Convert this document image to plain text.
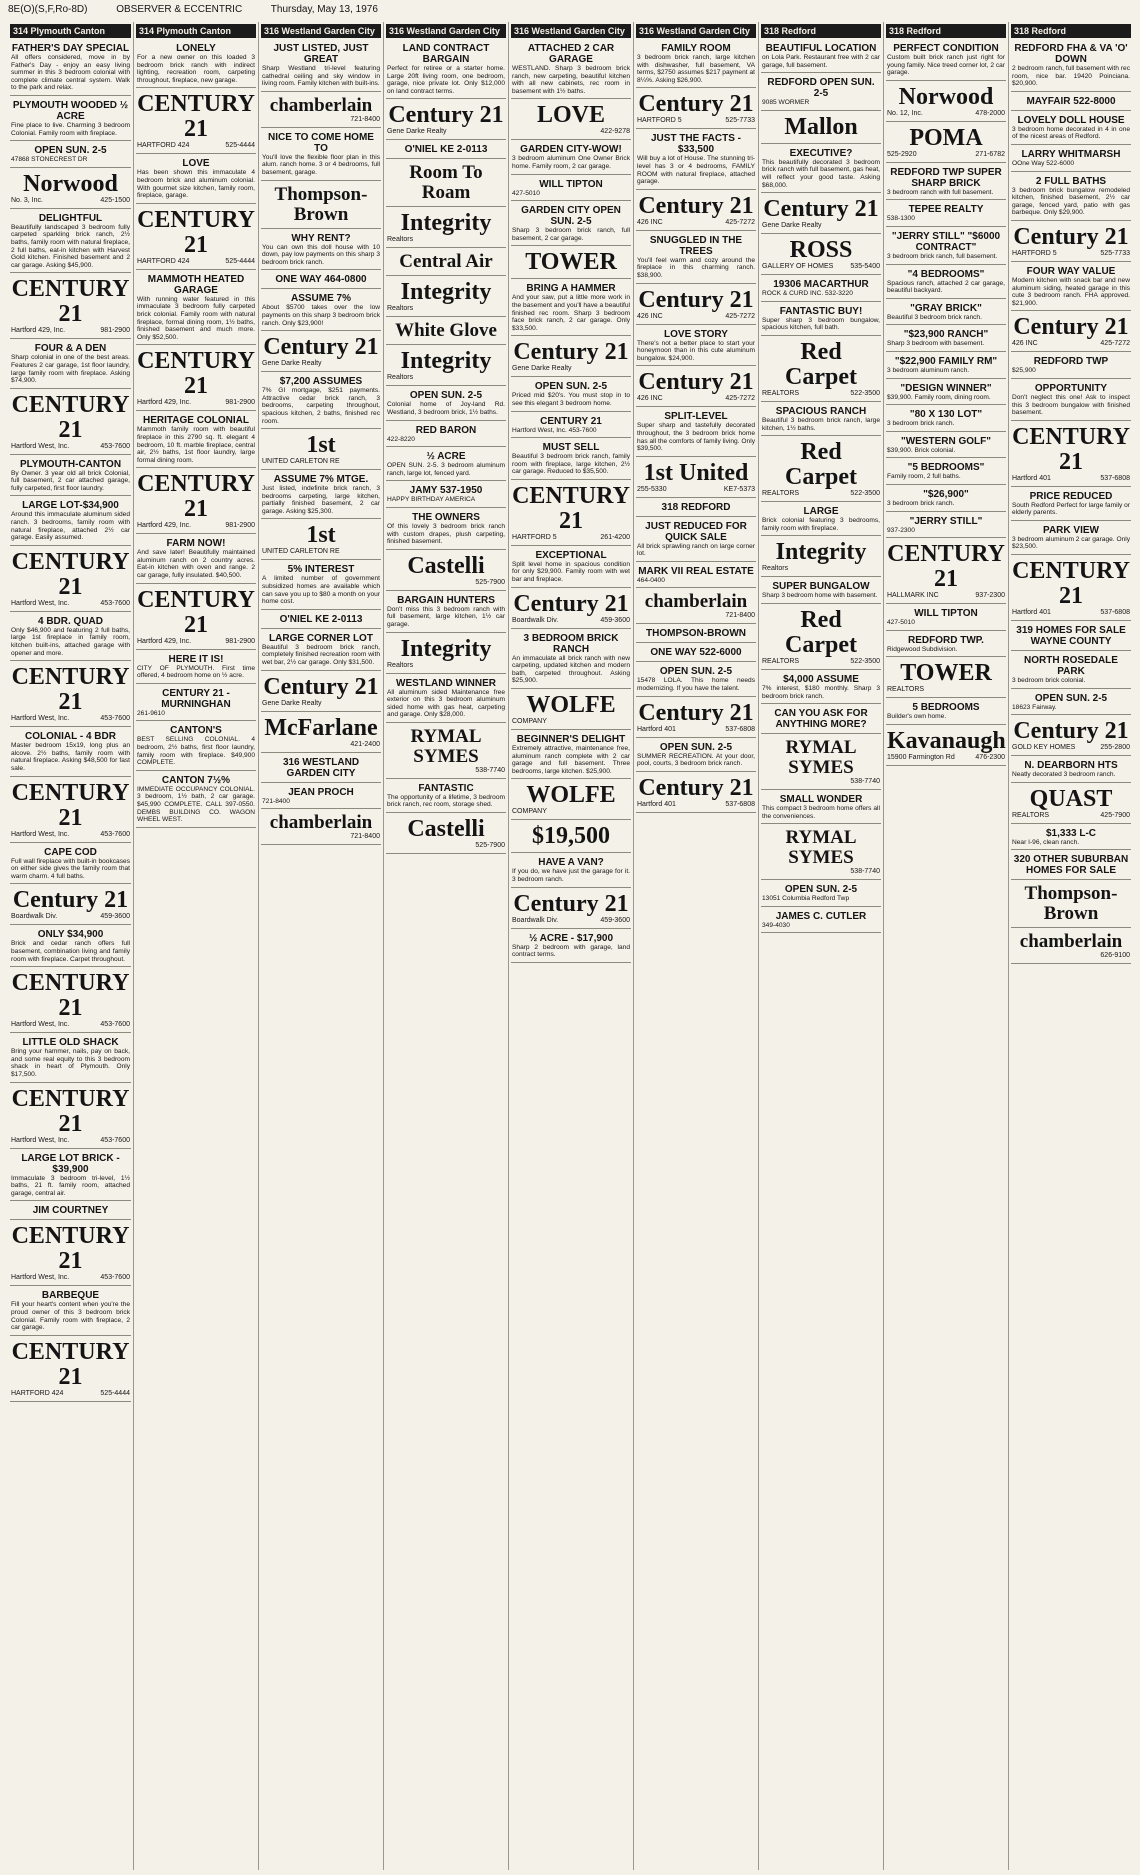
8E(O)(S,F,Ro-8D)	OBSERVER & ECCENTRIC	Thursday, May 13, 1976
314 Plymouth Canton
FATHER'S DAY SPECIAL
All offers considered, move in by Father's Day - enjoy an easy living summer in this 3 bedroom colonial with complete climate central system. Walk to the park and relax.
PLYMOUTH WOODED ½ ACRE
Fine place to live. Charming 3 bedroom Colonial. Family room with fireplace.
OPEN SUN. 2-5
47868 STONECREST DR
Norwood
No. 3, Inc.	425-1500
DELIGHTFUL
Beautifully landscaped 3 bedroom fully carpeted sparkling brick ranch, 2½ baths, family room with natural fireplace, 2 full baths, eat-in kitchen with Harvest Gold kitchen. Finished basement and 2 car garage. Asking $45,900.
CENTURY 21
Hartford 429, Inc.	981-2900
FOUR & A DEN
Sharp colonial in one of the best areas. Features 2 car garage, 1st floor laundry, large family room with fireplace. Asking $74,900.
CENTURY 21
Hartford West, Inc.	453-7600
PLYMOUTH-CANTON
By Owner. 3 year old all brick Colonial, full basement, 2 car attached garage, fully carpeted, first floor laundry.
LARGE LOT-$34,900
Around this immaculate aluminum sided ranch. 3 bedrooms, family room with natural fireplace, attached 2½ car garage. Easily assumed.
CENTURY 21
Hartford West, Inc.	453-7600
4 BDR. QUAD
Only $46,900 and featuring 2 full baths, large 1st fireplace in family room, kitchen built-ins, attached garage with opener and more.
CENTURY 21
Hartford West, Inc.	453-7600
COLONIAL - 4 BDR
Master bedroom 15x19, long plus an alcove. 2½ baths, family room with natural fireplace. Asking $48,500 for fast sale.
CENTURY 21
Hartford West, Inc.	453-7600
CAPE COD
Full wall fireplace with built-in bookcases on either side gives the family room that warm charm. 4 full baths.
Century 21
Boardwalk Div.	459-3600
ONLY $34,900
Brick and cedar ranch offers full basement, combination living and family room with fireplace. Carpet throughout.
CENTURY 21
Hartford West, Inc.	453-7600
LITTLE OLD SHACK
Bring your hammer, nails, pay on back, and some real equity to this 3 bedroom shack in heart of Plymouth. Only $17,500.
CENTURY 21
Hartford West, Inc.	453-7600
LARGE LOT BRICK - $39,900
Immaculate 3 bedroom tri-level, 1½ baths, 21 ft. family room, attached garage, central air.
JIM COURTNEY
CENTURY 21
Hartford West, Inc.	453-7600
BARBEQUE
Fill your heart's content when you're the proud owner of this 3 bedroom brick Colonial. Family room with fireplace, 2 car garage.
CENTURY 21
HARTFORD 424	525-4444
314 Plymouth Canton
LONELY
For a new owner on this loaded 3 bedroom brick ranch with indirect lighting, recreation room, carpeting throughout, fireplace, new garage.
CENTURY 21
HARTFORD 424	525-4444
LOVE
Has been shown this immaculate 4 bedroom brick and aluminum colonial. With gourmet size kitchen, family room, fireplace, garage.
CENTURY 21
HARTFORD 424	525-4444
MAMMOTH HEATED GARAGE
With running water featured in this immaculate 3 bedroom fully carpeted brick colonial. Family room with natural fireplace, formal dining room, 1½ baths, finished basement and much more. Only $52,500.
CENTURY 21
Hartford 429, Inc.	981-2900
HERITAGE COLONIAL
Mammoth family room with beautiful fireplace in this 2790 sq. ft. elegant 4 bedroom, 10 ft. marble fireplace, central air, 2½ baths, 1st floor laundry, large formal dining room.
CENTURY 21
Hartford 429, Inc.	981-2900
FARM NOW!
And save later! Beautifully maintained aluminum ranch on 2 country acres. Eat-in kitchen with oven and range. 2 car garage, fully insulated. $40,500.
CENTURY 21
Hartford 429, Inc.	981-2900
HERE IT IS!
CITY OF PLYMOUTH. First time offered, 4 bedroom home on ½ acre.
CENTURY 21 - MURNINGHAN
261-9610
CANTON'S
BEST SELLING COLONIAL. 4 bedroom, 2½ baths, first floor laundry, family room with fireplace. $49,900 COMPLETE.
CANTON 7½%
IMMEDIATE OCCUPANCY COLONIAL. 3 bedroom, 1½ bath, 2 car garage. $45,990 COMPLETE. CALL 397-0550. DEMBS BUILDING CO. WAGON WHEEL WEST.
316 Westland Garden City
JUST LISTED, JUST GREAT
Sharp Westland tri-level featuring cathedral ceiling and sky window in living room. Family kitchen with built-ins.
chamberlain
721-8400
NICE TO COME HOME TO
You'll love the flexible floor plan in this alum. ranch home. 3 or 4 bedrooms, full basement, garage.
Thompson-Brown
WHY RENT?
You can own this doll house with 10 down, pay low payments on this sharp 3 bedroom brick ranch.
ONE WAY 464-0800
ASSUME 7%
About $5700 takes over the low payments on this sharp 3 bedroom brick ranch. Only $23,900!
Century 21
Gene Darke Realty
$7,200 ASSUMES
7% GI mortgage, $251 payments. Attractive cedar brick ranch, 3 bedrooms, carpeting throughout, spacious kitchen, 2 baths, finished rec room.
1st
UNITED CARLETON RE
ASSUME 7% MTGE.
Just listed, indefinite brick ranch, 3 bedrooms carpeting, large kitchen, partially finished basement, 2 car garage. Asking $25,300.
1st
UNITED CARLETON RE
5% INTEREST
A limited number of government subsidized homes are available which can save you up to $80 a month on your home cost.
O'NIEL KE 2-0113
LARGE CORNER LOT
Beautiful 3 bedroom brick ranch, completely finished recreation room with wet bar, 2½ car garage. Only $31,500.
Century 21
Gene Darke Realty
McFarlane
421-2400
316 WESTLAND GARDEN CITY
JEAN PROCH
721-8400
chamberlain
721-8400
316 Westland Garden City
LAND CONTRACT BARGAIN
Perfect for retiree or a starter home. Large 20ft living room, one bedroom, garage, nice private lot. Only $12,000 on land contract terms.
Century 21
Gene Darke Realty
O'NIEL KE 2-0113
Room To Roam
Integrity
Realtors
Central Air
Integrity
Realtors
White Glove
Integrity
Realtors
OPEN SUN. 2-5
Colonial home of Joy-land Rd. Westland, 3 bedroom brick, 1½ baths.
RED BARON
422-8220
½ ACRE
OPEN SUN. 2-5. 3 bedroom aluminum ranch, large lot, fenced yard.
JAMY 537-1950
HAPPY BIRTHDAY AMERICA
THE OWNERS
Of this lovely 3 bedroom brick ranch with custom drapes, plush carpeting, finished basement.
Castelli
525-7900
BARGAIN HUNTERS
Don't miss this 3 bedroom ranch with full basement, large kitchen, 1½ car garage.
Integrity
Realtors
WESTLAND WINNER
All aluminum sided Maintenance free exterior on this 3 bedroom aluminum sided home with gas heat, carpeting and garage. Only $28,000.
RYMAL SYMES
538-7740
FANTASTIC
The opportunity of a lifetime, 3 bedroom brick ranch, rec room, storage shed.
Castelli
525-7900
316 Westland Garden City
ATTACHED 2 CAR GARAGE
WESTLAND. Sharp 3 bedroom brick ranch, new carpeting, beautiful kitchen with all new cabinets, rec room in basement with 1½ baths.
LOVE
422-9278
GARDEN CITY-WOW!
3 bedroom aluminum One Owner Brick home. Family room, 2 car garage.
WILL TIPTON
427-5010
GARDEN CITY OPEN SUN. 2-5
Sharp 3 bedroom brick ranch, full basement, 2 car garage.
TOWER
BRING A HAMMER
And your saw, put a little more work in the basement and you'll have a beautiful finished rec room. Sharp 3 bedroom face brick ranch, 2 car garage. Only $33,500.
Century 21
Gene Darke Realty
OPEN SUN. 2-5
Priced mid $20's. You must stop in to see this elegant 3 bedroom home.
CENTURY 21
Hartford West, Inc. 453-7600
MUST SELL
Beautiful 3 bedroom brick ranch, family room with fireplace, large kitchen, 2½ car garage. Reduced to $35,500.
CENTURY 21
HARTFORD 5	261-4200
EXCEPTIONAL
Split level home in spacious condition for only $29,900. Family room with wet bar and fireplace.
Century 21
Boardwalk Div.	459-3600
3 BEDROOM BRICK RANCH
An immaculate all brick ranch with new carpeting, updated kitchen and modern bath, carpeted throughout. Asking $25,900.
WOLFE
COMPANY
BEGINNER'S DELIGHT
Extremely attractive, maintenance free, aluminum ranch complete with 2 car garage and full basement. Three bedrooms, large kitchen. $25,900.
WOLFE
COMPANY
$19,500
HAVE A VAN?
If you do, we have just the garage for it. 3 bedroom ranch.
Century 21
Boardwalk Div.	459-3600
½ ACRE - $17,900
Sharp 2 bedroom with garage, land contract terms.
316 Westland Garden City
FAMILY ROOM
3 bedroom brick ranch, large kitchen with dishwasher, full basement, VA terms, $2750 assumes $217 payment at 8¼%. Asking $26,900.
Century 21
HARTFORD 5	525-7733
JUST THE FACTS - $33,500
Will buy a lot of House. The stunning tri-level has 3 or 4 bedrooms, FAMILY ROOM with natural fireplace, attached garage.
Century 21
426 INC	425-7272
SNUGGLED IN THE TREES
You'll feel warm and cozy around the fireplace in this charming ranch. $38,900.
Century 21
426 INC	425-7272
LOVE STORY
There's not a better place to start your honeymoon than in this cute aluminum bungalow. $24,900.
Century 21
426 INC	425-7272
SPLIT-LEVEL
Super sharp and tastefully decorated throughout, the 3 bedroom brick home has all the comforts of family living. Only $39,500.
1st United
255-5330	KE7-5373
318 REDFORD
JUST REDUCED FOR QUICK SALE
All brick sprawling ranch on large corner lot.
MARK VII REAL ESTATE
464-0400
chamberlain
721-8400
THOMPSON-BROWN
ONE WAY 522-6000
OPEN SUN. 2-5
15478 LOLA. This home needs modernizing. If you have the talent.
Century 21
Hartford 401	537-6808
OPEN SUN. 2-5
SUMMER RECREATION. At your door, pool, courts, 3 bedroom brick ranch.
Century 21
Hartford 401	537-6808
318 Redford
BEAUTIFUL LOCATION
on Lola Park. Restaurant free with 2 car garage, full basement.
REDFORD OPEN SUN. 2-5
9085 WORMER
Mallon
EXECUTIVE?
This beautifully decorated 3 bedroom brick ranch with full basement, gas heat, will reflect your good taste. Asking $68,000.
Century 21
Gene Darke Realty
ROSS
GALLERY OF HOMES 535-5400
19306 MACARTHUR
ROCK & CURD INC. 532-3220
FANTASTIC BUY!
Super sharp 3 bedroom bungalow, spacious kitchen, full bath.
Red Carpet
REALTORS	522-3500
SPACIOUS RANCH
Beautiful 3 bedroom brick ranch, large kitchen, 1½ baths.
Red Carpet
REALTORS	522-3500
LARGE
Brick colonial featuring 3 bedrooms, family room with fireplace.
Integrity
Realtors
SUPER BUNGALOW
Sharp 3 bedroom home with basement.
Red Carpet
REALTORS	522-3500
$4,000 ASSUME
7% interest, $180 monthly. Sharp 3 bedroom brick ranch.
CAN YOU ASK FOR ANYTHING MORE?
RYMAL SYMES
538-7740
SMALL WONDER
This compact 3 bedroom home offers all the conveniences.
RYMAL SYMES
538-7740
OPEN SUN. 2-5
13051 Columbia Redford Twp
JAMES C. CUTLER
349-4030
318 Redford
PERFECT CONDITION
Custom built brick ranch just right for young family. Nice treed corner lot, 2 car garage.
Norwood
No. 12, Inc.	478-2000
POMA
525-2920	271-6782
REDFORD TWP SUPER SHARP BRICK
3 bedroom ranch with full basement.
TEPEE REALTY
538-1300
"JERRY STILL" "$6000 CONTRACT"
3 bedroom brick ranch, full basement.
"4 BEDROOMS"
Spacious ranch, attached 2 car garage, beautiful backyard.
"GRAY BRICK"
Beautiful 3 bedroom brick ranch.
"$23,900 RANCH"
Sharp 3 bedroom with basement.
"$22,900 FAMILY RM"
3 bedroom aluminum ranch.
"DESIGN WINNER"
$39,900. Family room, dining room.
"80 X 130 LOT"
3 bedroom brick ranch.
"WESTERN GOLF"
$39,900. Brick colonial.
"5 BEDROOMS"
Family room, 2 full baths.
"$26,900"
3 bedroom brick ranch.
"JERRY STILL"
937-2300
CENTURY 21
HALLMARK INC	937-2300
WILL TIPTON
427-5010
REDFORD TWP.
Ridgewood Subdivision.
TOWER
REALTORS
5 BEDROOMS
Builder's own home.
Kavanaugh
15900 Farmington Rd	476-2300
318 Redford
REDFORD FHA & VA 'O' DOWN
2 bedroom ranch, full basement with rec room, nice bar. 19420 Poinciana. $20,900.
MAYFAIR 522-8000
LOVELY DOLL HOUSE
3 bedroom home decorated in 4 in one of the nicest areas of Redford.
LARRY WHITMARSH
OOne Way 522-6000
2 FULL BATHS
3 bedroom brick bungalow remodeled kitchen, finished basement, 2½ car garage, fenced yard, patio with gas barbeque. Only $29,900.
Century 21
HARTFORD 5	525-7733
FOUR WAY VALUE
Modern kitchen with snack bar and new aluminum siding, heated garage in this cute 3 bedroom ranch. FHA approved. $21,900.
Century 21
426 INC	425-7272
REDFORD TWP
$25,900
OPPORTUNITY
Don't neglect this one! Ask to inspect this 3 bedroom bungalow with finished basement.
CENTURY 21
Hartford 401	537-6808
PRICE REDUCED
South Redford Perfect for large family or elderly parents.
PARK VIEW
3 bedroom aluminum 2 car garage. Only $23,500.
CENTURY 21
Hartford 401	537-6808
319 HOMES FOR SALE WAYNE COUNTY
NORTH ROSEDALE PARK
3 bedroom brick colonial.
OPEN SUN. 2-5
18623 Fairway.
Century 21
GOLD KEY HOMES	255-2800
N. DEARBORN HTS
Neatly decorated 3 bedroom ranch.
QUAST
REALTORS	425-7900
$1,333 L-C
Near I-96, clean ranch.
320 OTHER SUBURBAN HOMES FOR SALE
Thompson-Brown
chamberlain
626-9100
